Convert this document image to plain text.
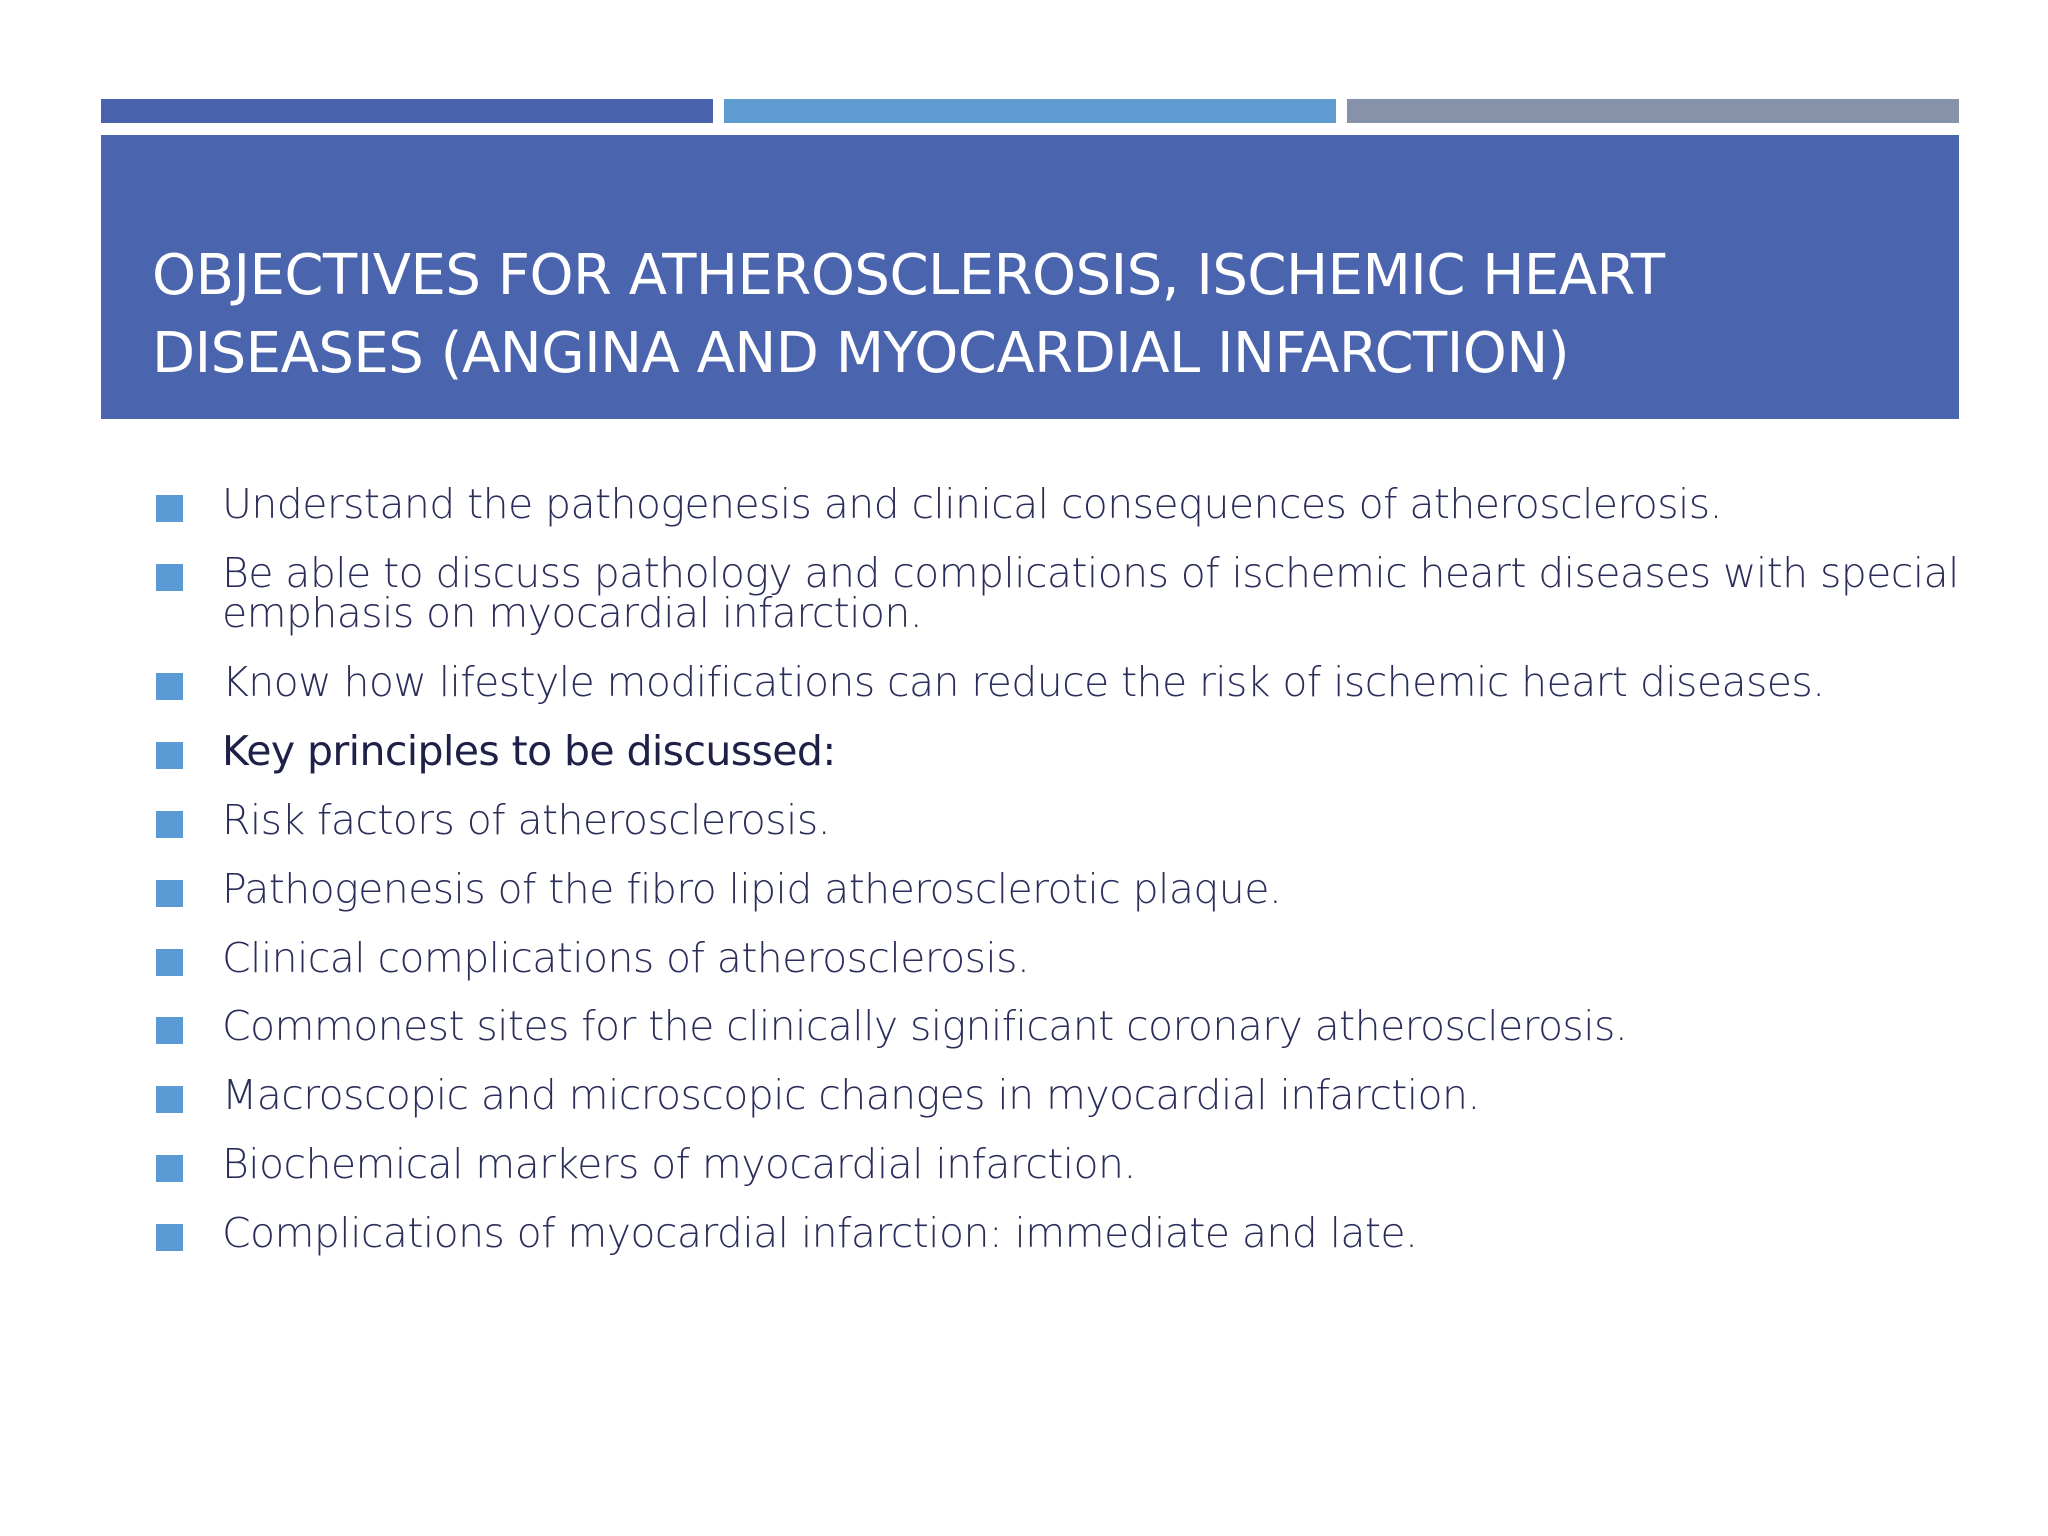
OBJECTIVES FOR ATHEROSCLEROSIS, ISCHEMIC HEART
DISEASES (ANGINA AND MYOCARDIAL INFARCTION)
Understand the pathogenesis and clinical consequences of atherosclerosis.
Be able to discuss pathology and complications of ischemic heart diseases with special
emphasis on myocardial infarction.
Know how lifestyle modifications can reduce the risk of ischemic heart diseases.
Key principles to be discussed:
Risk factors of atherosclerosis.
Pathogenesis of the fibro lipid atherosclerotic plaque.
Clinical complications of atherosclerosis.
Commonest sites for the clinically significant coronary atherosclerosis.
Macroscopic and microscopic changes in myocardial infarction.
Biochemical markers of myocardial infarction.
Complications of myocardial infarction: immediate and late.
